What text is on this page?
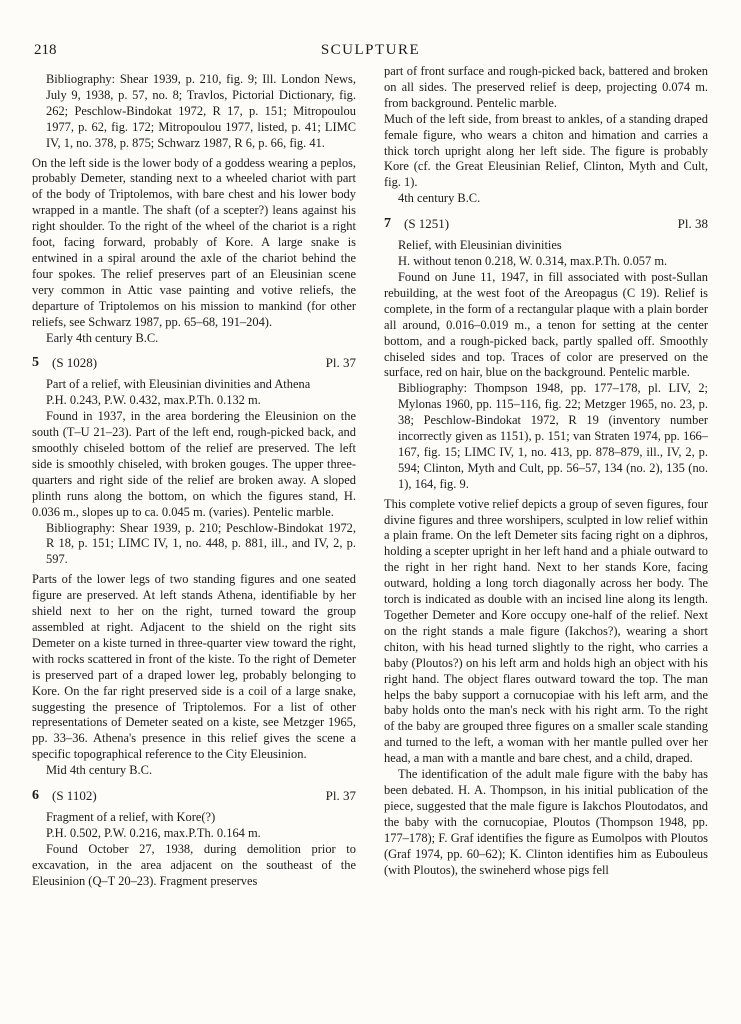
218	SCULPTURE

Bibliography: Shear 1939, p. 210, fig. 9; Ill. London News, July 9, 1938, p. 57, no. 8; Travlos, Pictorial Dictionary, fig. 262; Peschlow-Bindokat 1972, R 17, p. 151; Mitropoulou 1977, p. 62, fig. 172; Mitropoulou 1977, listed, p. 41; LIMC IV, 1, no. 378, p. 875; Schwarz 1987, R 6, p. 66, fig. 41.

On the left side is the lower body of a goddess wearing a peplos, probably Demeter, standing next to a wheeled chariot with part of the body of Triptolemos, with bare chest and his lower body wrapped in a mantle. The shaft (of a scepter?) leans against his right shoulder. To the right of the wheel of the chariot is a right foot, facing forward, probably of Kore. A large snake is entwined in a spiral around the axle of the chariot behind the four spokes. The relief preserves part of an Eleusinian scene very common in Attic vase painting and votive reliefs, the departure of Triptolemos on his mission to mankind (for other reliefs, see Schwarz 1987, pp. 65–68, 191–204).

Early 4th century B.C.

5 (S 1028)	Pl. 37

Part of a relief, with Eleusinian divinities and Athena

P.H. 0.243, P.W. 0.432, max.P.Th. 0.132 m.

Found in 1937, in the area bordering the Eleusinion on the south (T–U 21–23). Part of the left end, rough-picked back, and smoothly chiseled bottom of the relief are preserved. The left side is smoothly chiseled, with broken gouges. The upper three-quarters and right side of the relief are broken away. A sloped plinth runs along the bottom, on which the figures stand, H. 0.036 m., slopes up to ca. 0.045 m. (varies). Pentelic marble.

Bibliography: Shear 1939, p. 210; Peschlow-Bindokat 1972, R 18, p. 151; LIMC IV, 1, no. 448, p. 881, ill., and IV, 2, p. 597.

Parts of the lower legs of two standing figures and one seated figure are preserved. At left stands Athena, identifiable by her shield next to her on the right, turned toward the group assembled at right. Adjacent to the shield on the right sits Demeter on a kiste turned in three-quarter view toward the right, with rocks scattered in front of the kiste. To the right of Demeter is preserved part of a draped lower leg, probably belonging to Kore. On the far right preserved side is a coil of a large snake, suggesting the presence of Triptolemos. For a list of other representations of Demeter seated on a kiste, see Metzger 1965, pp. 33–36. Athena's presence in this relief gives the scene a specific topographical reference to the City Eleusinion.

Mid 4th century B.C.

6 (S 1102)	Pl. 37

Fragment of a relief, with Kore(?)

P.H. 0.502, P.W. 0.216, max.P.Th. 0.164 m.

Found October 27, 1938, during demolition prior to excavation, in the area adjacent on the southeast of the Eleusinion (Q–T 20–23). Fragment preserves

part of front surface and rough-picked back, battered and broken on all sides. The preserved relief is deep, projecting 0.074 m. from background. Pentelic marble.

Much of the left side, from breast to ankles, of a standing draped female figure, who wears a chiton and himation and carries a thick torch upright along her left side. The figure is probably Kore (cf. the Great Eleusinian Relief, Clinton, Myth and Cult, fig. 1).

4th century B.C.

7 (S 1251)	Pl. 38

Relief, with Eleusinian divinities

H. without tenon 0.218, W. 0.314, max.P.Th. 0.057 m.

Found on June 11, 1947, in fill associated with post-Sullan rebuilding, at the west foot of the Areopagus (C 19). Relief is complete, in the form of a rectangular plaque with a plain border all around, 0.016–0.019 m., a tenon for setting at the center bottom, and a rough-picked back, partly spalled off. Smoothly chiseled sides and top. Traces of color are preserved on the surface, red on hair, blue on the background. Pentelic marble.

Bibliography: Thompson 1948, pp. 177–178, pl. LIV, 2; Mylonas 1960, pp. 115–116, fig. 22; Metzger 1965, no. 23, p. 38; Peschlow-Bindokat 1972, R 19 (inventory number incorrectly given as 1151), p. 151; van Straten 1974, pp. 166–167, fig. 15; LIMC IV, 1, no. 413, pp. 878–879, ill., IV, 2, p. 594; Clinton, Myth and Cult, pp. 56–57, 134 (no. 2), 135 (no. 1), 164, fig. 9.

This complete votive relief depicts a group of seven figures, four divine figures and three worshipers, sculpted in low relief within a plain frame. On the left Demeter sits facing right on a diphros, holding a scepter upright in her left hand and a phiale outward to the right in her right hand. Next to her stands Kore, facing outward, holding a long torch diagonally across her body. The torch is indicated as double with an incised line along its length. Together Demeter and Kore occupy one-half of the relief. Next on the right stands a male figure (Iakchos?), wearing a short chiton, with his head turned slightly to the right, who carries a baby (Ploutos?) on his left arm and holds high an object with his right hand. The object flares outward toward the top. The man helps the baby support a cornucopiae with his left arm, and the baby holds onto the man's neck with his right arm. To the right of the baby are grouped three figures on a smaller scale standing and turned to the left, a woman with her mantle pulled over her head, a man with a mantle and bare chest, and a child, draped.

The identification of the adult male figure with the baby has been debated. H. A. Thompson, in his initial publication of the piece, suggested that the male figure is Iakchos Ploutodatos, and the baby with the cornucopiae, Ploutos (Thompson 1948, pp. 177–178); F. Graf identifies the figure as Eumolpos with Ploutos (Graf 1974, pp. 60–62); K. Clinton identifies him as Eubouleus (with Ploutos), the swineherd whose pigs fell
